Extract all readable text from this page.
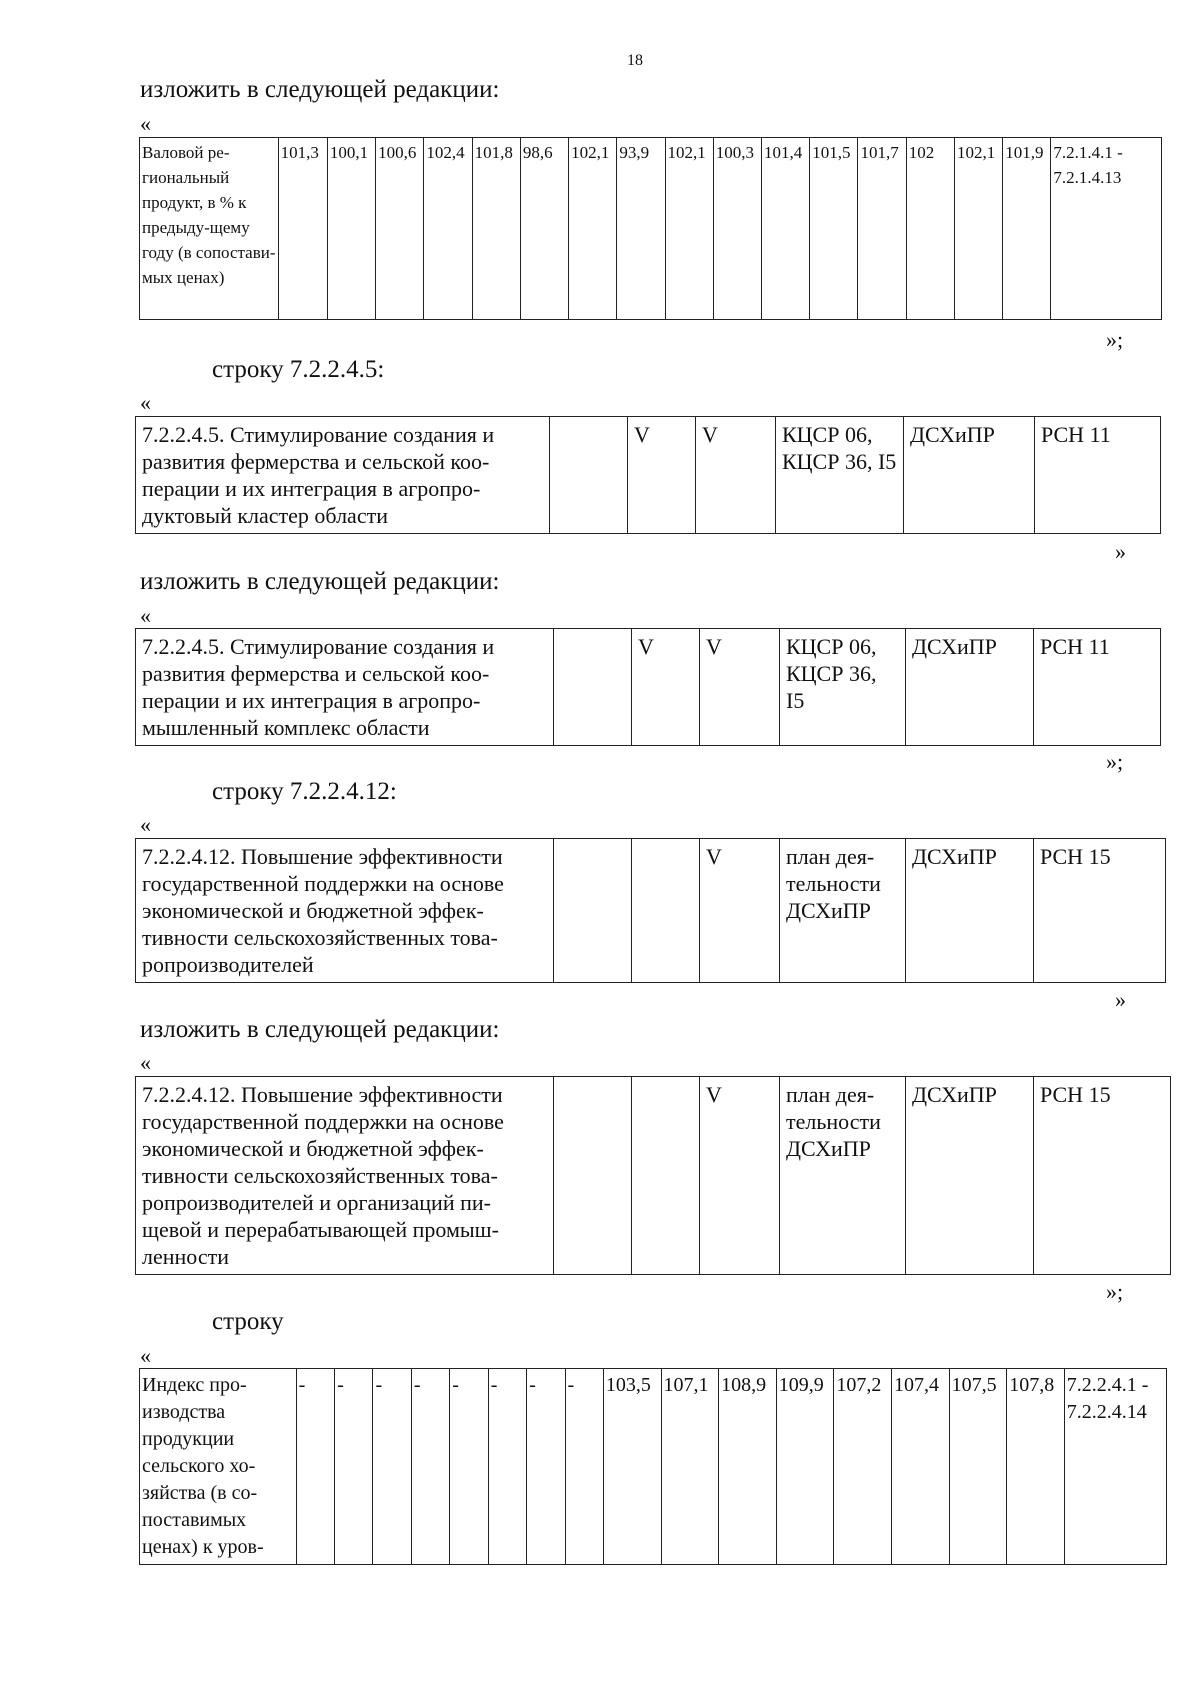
18
изложить в следующей редакции:
«
Валовой ре-гиональный продукт, в % к предыду-щему году (в сопостави-мых ценах)	101,3	100,1	100,6	102,4	101,8	98,6	102,1	93,9	102,1	100,3	101,4	101,5	101,7	102	102,1	101,9	7.2.1.4.1 - 7.2.1.4.13
»;
строку 7.2.2.4.5:
«
7.2.2.4.5. Стимулирование создания и развития фермерства и сельской коо-перации и их интеграция в агропро-дуктовый кластер области		V	V	КЦСР 06, КЦСР 36, I5	ДСХиПР	РСН 11
»
изложить в следующей редакции:
«
7.2.2.4.5. Стимулирование создания и развития фермерства и сельской коо-перации и их интеграция в агропро-мышленный комплекс области		V	V	КЦСР 06, КЦСР 36, I5	ДСХиПР	РСН 11
»;
строку 7.2.2.4.12:
«
7.2.2.4.12. Повышение эффективности государственной поддержки на основе экономической и бюджетной эффек-тивности сельскохозяйственных това-ропроизводителей			V	план дея-тельности ДСХиПР	ДСХиПР	РСН 15
»
изложить в следующей редакции:
«
7.2.2.4.12. Повышение эффективности государственной поддержки на основе экономической и бюджетной эффек-тивности сельскохозяйственных това-ропроизводителей и организаций пи-щевой и перерабатывающей промыш-ленности			V	план дея-тельности ДСХиПР	ДСХиПР	РСН 15
»;
строку
«
Индекс про-изводства продукции сельского хо-зяйства (в со-поставимых ценах) к уров-	-	-	-	-	-	-	-	-	103,5	107,1	108,9	109,9	107,2	107,4	107,5	107,8	7.2.2.4.1 - 7.2.2.4.14
